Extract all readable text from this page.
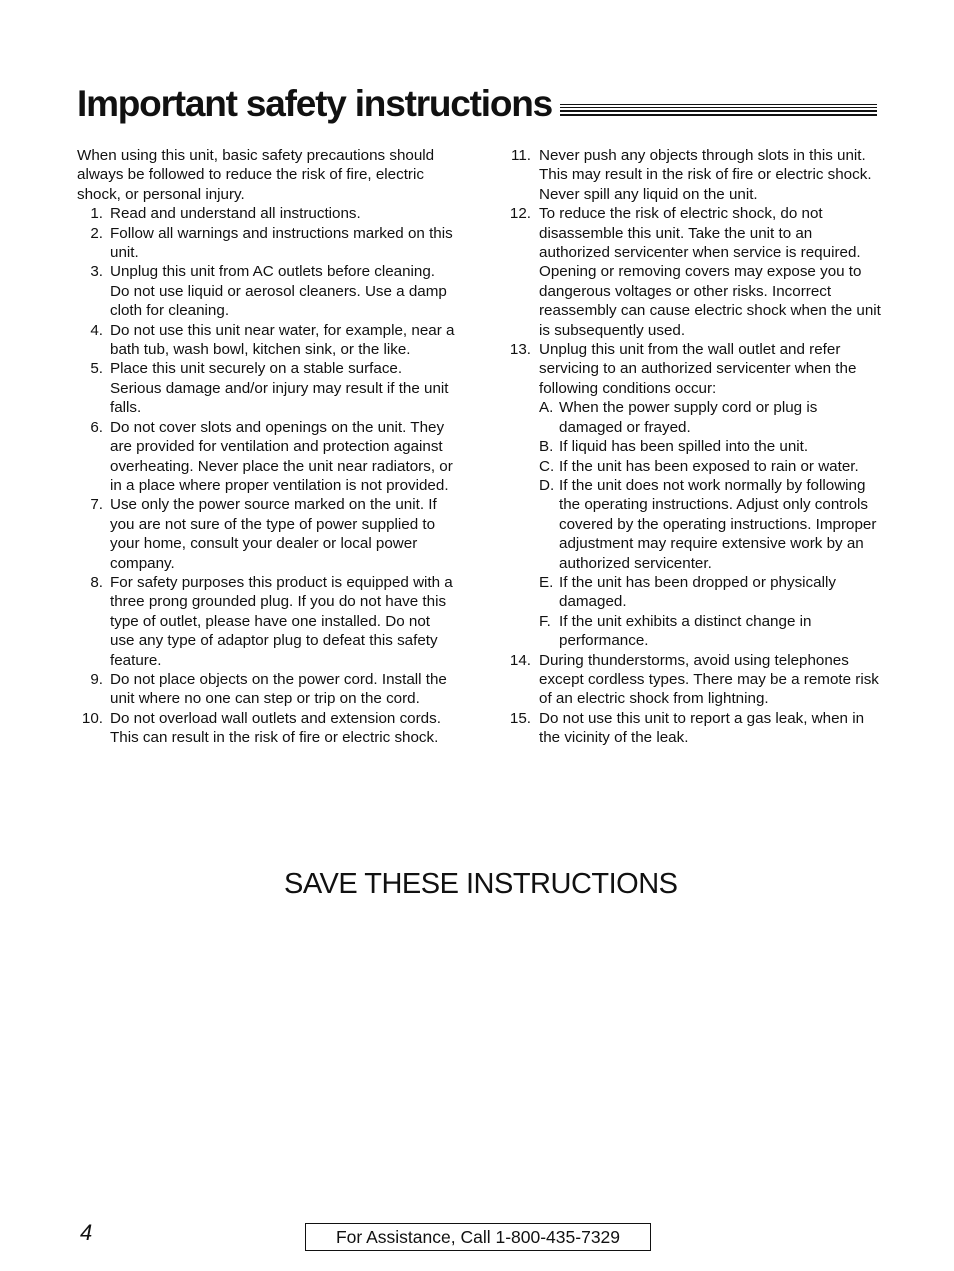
Important safety instructions

When using this unit, basic safety precautions should always be followed to reduce the risk of fire, electric shock, or personal injury.

1. Read and understand all instructions.
2. Follow all warnings and instructions marked on this unit.
3. Unplug this unit from AC outlets before cleaning. Do not use liquid or aerosol cleaners. Use a damp cloth for cleaning.
4. Do not use this unit near water, for example, near a bath tub, wash bowl, kitchen sink, or the like.
5. Place this unit securely on a stable surface. Serious damage and/or injury may result if the unit falls.
6. Do not cover slots and openings on the unit. They are provided for ventilation and protection against overheating. Never place the unit near radiators, or in a place where proper ventilation is not provided.
7. Use only the power source marked on the unit. If you are not sure of the type of power supplied to your home, consult your dealer or local power company.
8. For safety purposes this product is equipped with a three prong grounded plug. If you do not have this type of outlet, please have one installed. Do not use any type of adaptor plug to defeat this safety feature.
9. Do not place objects on the power cord. Install the unit where no one can step or trip on the cord.
10. Do not overload wall outlets and extension cords. This can result in the risk of fire or electric shock.
11. Never push any objects through slots in this unit. This may result in the risk of fire or electric shock. Never spill any liquid on the unit.
12. To reduce the risk of electric shock, do not disassemble this unit. Take the unit to an authorized servicenter when service is required. Opening or removing covers may expose you to dangerous voltages or other risks. Incorrect reassembly can cause electric shock when the unit is subsequently used.
13. Unplug this unit from the wall outlet and refer servicing to an authorized servicenter when the following conditions occur:
A. When the power supply cord or plug is damaged or frayed.
B. If liquid has been spilled into the unit.
C. If the unit has been exposed to rain or water.
D. If the unit does not work normally by following the operating instructions. Adjust only controls covered by the operating instructions. Improper adjustment may require extensive work by an authorized servicenter.
E. If the unit has been dropped or physically damaged.
F. If the unit exhibits a distinct change in performance.
14. During thunderstorms, avoid using telephones except cordless types. There may be a remote risk of an electric shock from lightning.
15. Do not use this unit to report a gas leak, when in the vicinity of the leak.
SAVE THESE INSTRUCTIONS
4	For Assistance, Call 1-800-435-7329
